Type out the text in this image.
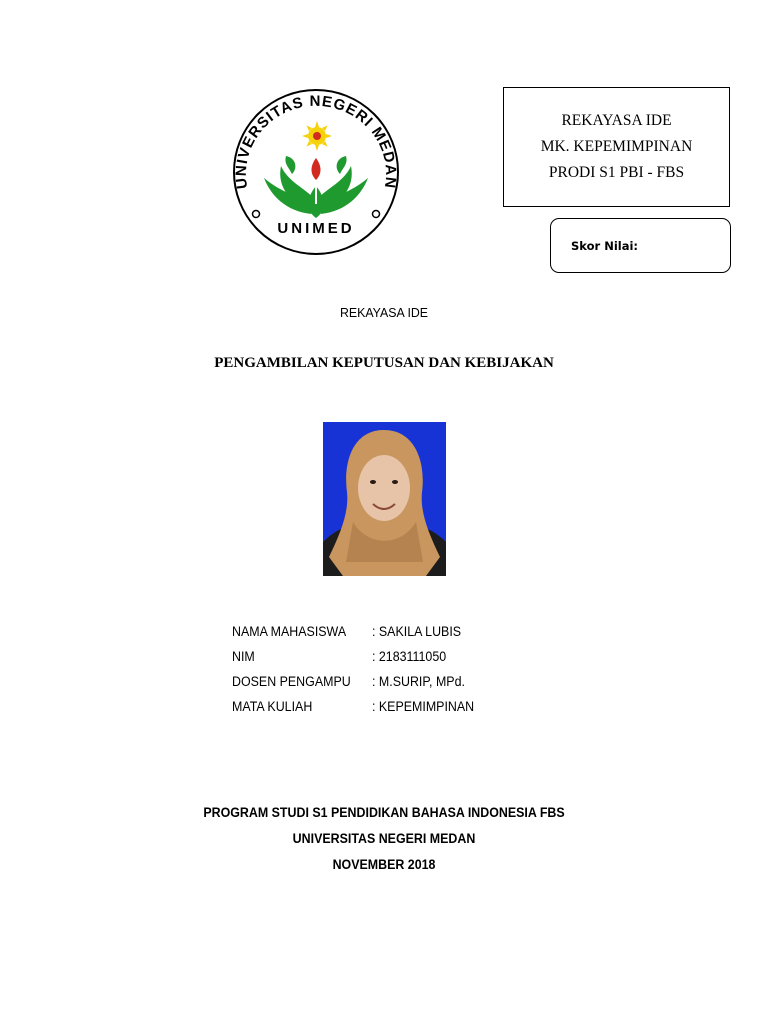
UNIVERSITAS NEGERI MEDAN
UNIMED
REKAYASA IDE
MK. KEPEMIMPINAN
PRODI S1 PBI - FBS
Skor Nilai:
REKAYASA IDE
PENGAMBILAN KEPUTUSAN DAN KEBIJAKAN
NAMA MAHASISWA : SAKILA LUBIS
NIM	: 2183111050
DOSEN PENGAMPU : M.SURIP, MPd.
MATA KULIAH	: KEPEMIMPINAN
PROGRAM STUDI S1 PENDIDIKAN BAHASA INDONESIA FBS
UNIVERSITAS NEGERI MEDAN
NOVEMBER 2018
